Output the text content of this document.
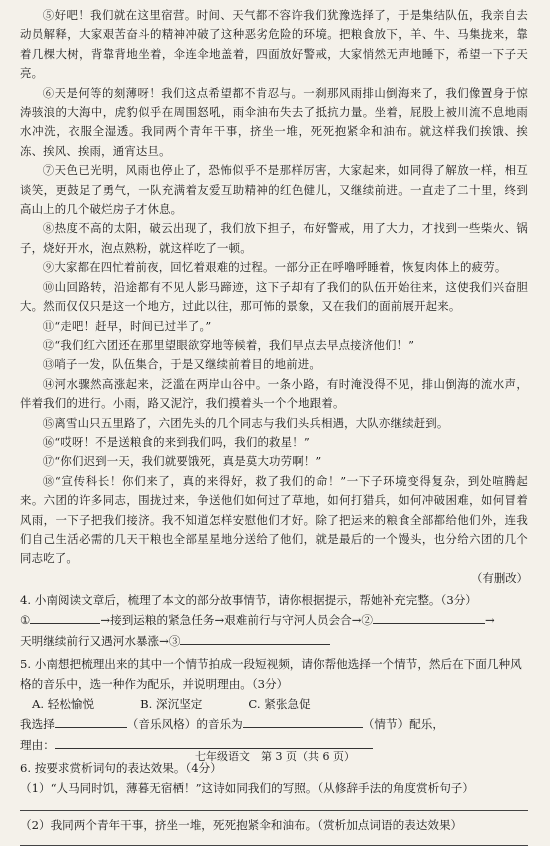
⑤好吧！我们就在这里宿营。时间、天气都不容许我们犹豫选择了，于是集结队伍，我亲自去动员解释，大家艰苦奋斗的精神冲破了这种恶劣危险的环境。把粮食放下，羊、牛、马集拢来，靠着几棵大树，背靠背地坐着，伞连伞地盖着，四面放好警戒，大家悄然无声地睡下，希望一下子天亮。

⑥天是何等的刻薄呀！我们这点希望都不肯忍与。一刹那风雨排山倒海来了，我们像置身于惊涛骇浪的大海中，虎豹似乎在周围怒吼，雨伞油布失去了抵抗力量。坐着，屁股上被川流不息地雨水冲洗，衣服全湿透。我同两个青年干事，挤坐一堆，死死抱紧伞和油布。就这样我们挨饿、挨冻、挨风、挨雨，通宵达旦。

⑦天色已光明，风雨也停止了，恐怖似乎不是那样厉害，大家起来，如同得了解放一样，相互谈笑，更鼓足了勇气，一队充满着友爱互助精神的红色健儿，又继续前进。一直走了二十里，终到高山上的几个破烂房子才休息。

⑧热度不高的太阳，破云出现了，我们放下担子，布好警戒，用了大力，才找到一些柴火、锅子，烧好开水，泡点熟粉，就这样吃了一顿。

⑨大家都在四忙着前夜，回忆着艰难的过程。一部分正在呼噜呼睡着，恢复肉体上的疲劳。

⑩山回路转，沿途都有不见人影马蹄迹，这下子却有了我们的队伍开始往来，这使我们兴奋胆大。然而仅仅只是这一个地方，过此以往，那可怖的景象，又在我们的面前展开起来。

⑪“走吧！赶早，时间已过半了。”

⑫“我们红六团还在那里望眼欲穿地等候着，我们早点去早点接济他们！”

⑬哨子一发，队伍集合，于是又继续前着目的地前进。

⑭河水骤然高涨起来，泛滥在两岸山谷中。一条小路，有时淹没得不见，排山倒海的流水声，伴着我们的进行。小雨，路又泥泞，我们摸着头一个个地跟着。

⑮离雪山只五里路了，六团先头的几个同志与我们头兵相遇，大队亦继续赶到。

⑯“哎呀！不是送粮食的来到我们吗，我们的救星！”

⑰“你们迟到一天，我们就要饿死，真是莫大功劳啊！”

⑱“宣传科长！你们来了，真的来得好，救了我们的命！”一下子环境变得复杂，到处喧腾起来。六团的许多同志，围拢过来，争送他们如何过了草地，如何打猎兵，如何冲破困难，如何冒着风雨，一下子把我们接济。我不知道怎样安慰他们才好。除了把运来的粮食全部都给他们外，连我们自己生活必需的几天干粮也全部星星地分送给了他们，就是最后的一个馒头，也分给六团的几个同志吃了。

（有删改）

4. 小南阅读文章后，梳理了本文的部分故事情节，请你根据提示，帮她补充完整。（3分）

①	→接到运粮的紧急任务→艰难前行与守河人员会合→②	→

天明继续前行又遇河水暴涨→③

5. 小南想把梳理出来的其中一个情节拍成一段短视频，请你帮他选择一个情节，然后在下面几种风格的音乐中，选一种作为配乐，并说明理由。（3分）

A. 轻松愉悦	B. 深沉坚定	C. 紧张急促

我选择	（音乐风格）的音乐为	（情节）配乐，

理由：

6. 按要求赏析词句的表达效果。（4分）

（1）“人马同时饥，薄暮无宿栖！”这诗如同我们的写照。（从修辞手法的角度赏析句子）

（2）我同两个青年干事，挤坐一堆，死死抱紧伞和油布。（赏析加点词语的表达效果）

七年级语文　第 3 页（共 6 页）
